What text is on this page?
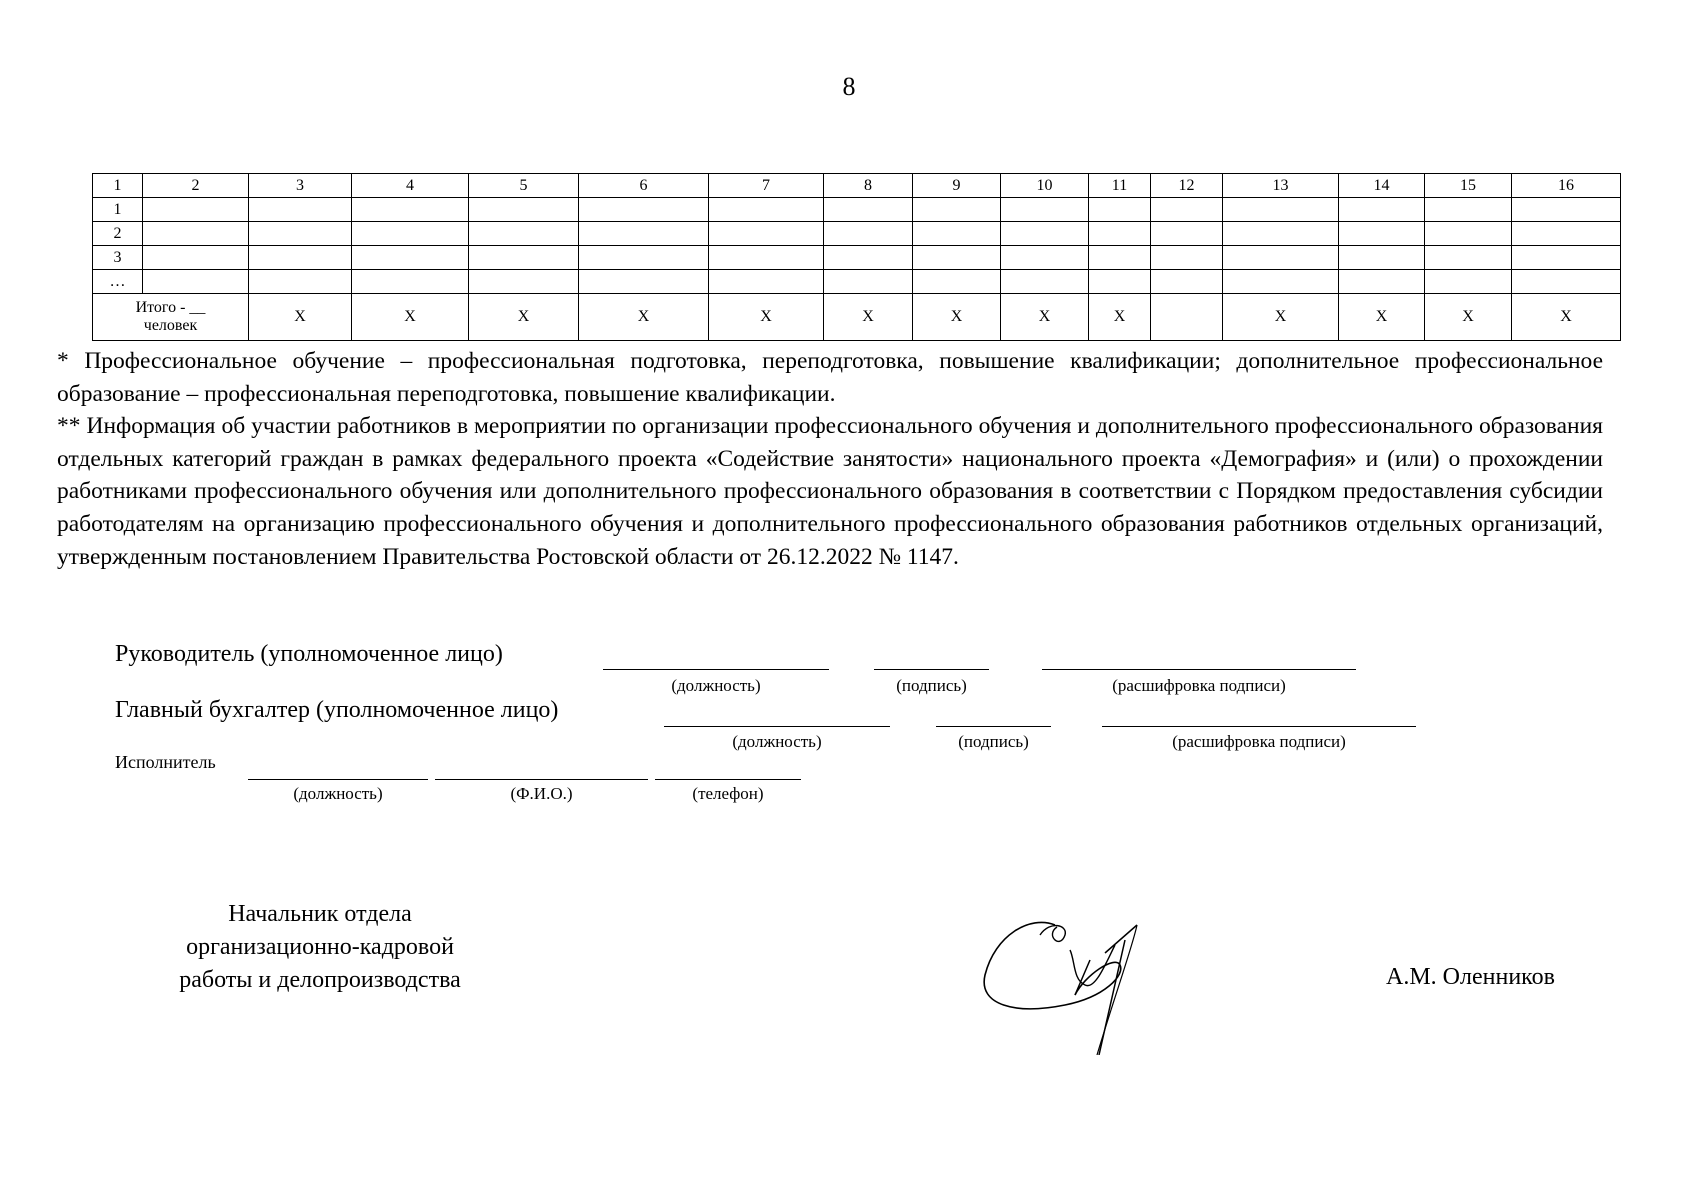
8
1	2	3	4	5	6	7	8	9	10	11	12	13	14	15	16
1															
2															
3															
…															

Итого - __
человек		X	X	X	X	X	X	X	X	X		X	X	X	X

* Профессиональное обучение – профессиональная подготовка, переподготовка, повышение квалификации; дополнительное профессиональное образование – профессиональная переподготовка, повышение квалификации.

** Информация об участии работников в мероприятии по организации профессионального обучения и дополнительного профессионального образования отдельных категорий граждан в рамках федерального проекта «Содействие занятости» национального проекта «Демография» и (или) о прохождении работниками профессионального обучения или дополнительного профессионального образования в соответствии с Порядком предоставления субсидии работодателям на организацию профессионального обучения и дополнительного профессионального образования работников отдельных организаций, утвержденным постановлением Правительства Ростовской области от 26.12.2022 № 1147.

Руководитель (уполномоченное лицо)
(должность)	(подпись)	(расшифровка подписи)
Главный бухгалтер (уполномоченное лицо)
(должность)	(подпись)	(расшифровка подписи)
Исполнитель
(должность)	(Ф.И.О.)	(телефон)
Начальник отдела
организационно-кадровой
работы и делопроизводства	А.М. Оленников
